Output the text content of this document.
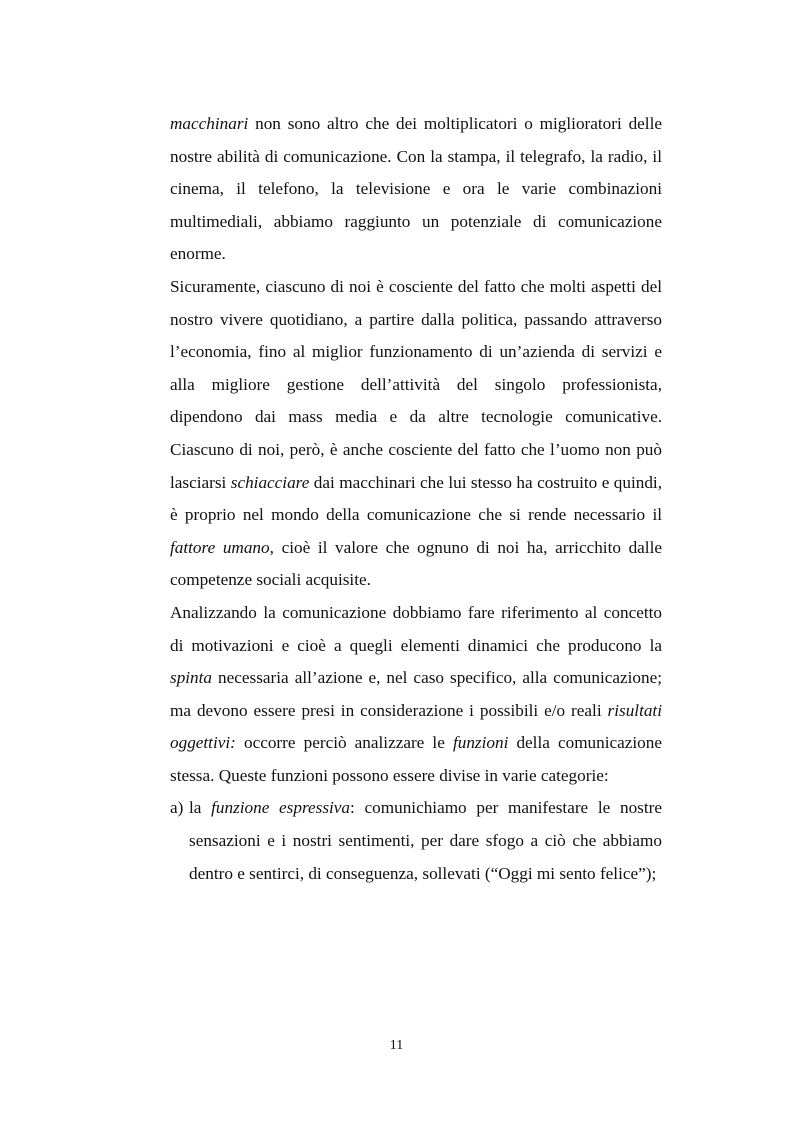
macchinari non sono altro che dei moltiplicatori o miglioratori delle nostre abilità di comunicazione. Con la stampa, il telegrafo, la radio, il cinema, il telefono, la televisione e ora le varie combinazioni multimediali, abbiamo raggiunto un potenziale di comunicazione enorme.

Sicuramente, ciascuno di noi è cosciente del fatto che molti aspetti del nostro vivere quotidiano, a partire dalla politica, passando attraverso l’economia, fino al miglior funzionamento di un’azienda di servizi e alla migliore gestione dell’attività del singolo professionista, dipendono dai mass media e da altre tecnologie comunicative. Ciascuno di noi, però, è anche cosciente del fatto che l’uomo non può lasciarsi schiacciare dai macchinari che lui stesso ha costruito e quindi, è proprio nel mondo della comunicazione che si rende necessario il fattore umano, cioè il valore che ognuno di noi ha, arricchito dalle competenze sociali acquisite.

Analizzando la comunicazione dobbiamo fare riferimento al concetto di motivazioni e cioè a quegli elementi dinamici che producono la spinta necessaria all’azione e, nel caso specifico, alla comunicazione; ma devono essere presi in considerazione i possibili e/o reali risultati oggettivi: occorre perciò analizzare le funzioni della comunicazione stessa. Queste funzioni possono essere divise in varie categorie:

a) la funzione espressiva: comunichiamo per manifestare le nostre sensazioni e i nostri sentimenti, per dare sfogo a ciò che abbiamo dentro e sentirci, di conseguenza, sollevati (“Oggi mi sento felice”);
11
